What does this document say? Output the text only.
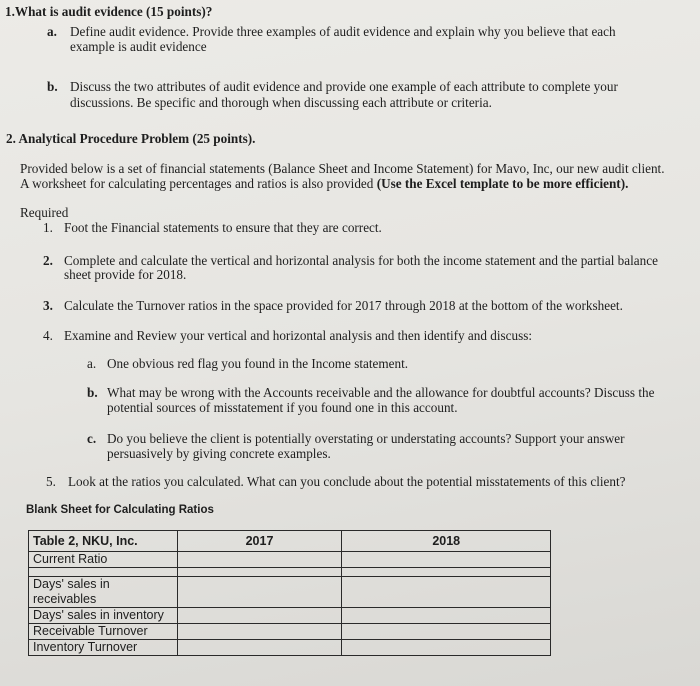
1.What is audit evidence (15 points)?
a. Define audit evidence. Provide three examples of audit evidence and explain why you believe that each
example is audit evidence
b. Discuss the two attributes of audit evidence and provide one example of each attribute to complete your
discussions. Be specific and thorough when discussing each attribute or criteria.
2. Analytical Procedure Problem (25 points).
Provided below is a set of financial statements (Balance Sheet and Income Statement) for Mavo, Inc, our new audit client.
A worksheet for calculating percentages and ratios is also provided (Use the Excel template to be more efficient).
Required
1. Foot the Financial statements to ensure that they are correct.
2. Complete and calculate the vertical and horizontal analysis for both the income statement and the partial balance
sheet provide for 2018.
3. Calculate the Turnover ratios in the space provided for 2017 through 2018 at the bottom of the worksheet.
4. Examine and Review your vertical and horizontal analysis and then identify and discuss:
a. One obvious red flag you found in the Income statement.
b. What may be wrong with the Accounts receivable and the allowance for doubtful accounts? Discuss the
potential sources of misstatement if you found one in this account.
c. Do you believe the client is potentially overstating or understating accounts? Support your answer
persuasively by giving concrete examples.
5. Look at the ratios you calculated. What can you conclude about the potential misstatements of this client?
Blank Sheet for Calculating Ratios
Table 2, NKU, Inc.	2017	2018
Current Ratio		

Days' sales in receivables		
Days' sales in inventory		
Receivable Turnover		
Inventory Turnover		
